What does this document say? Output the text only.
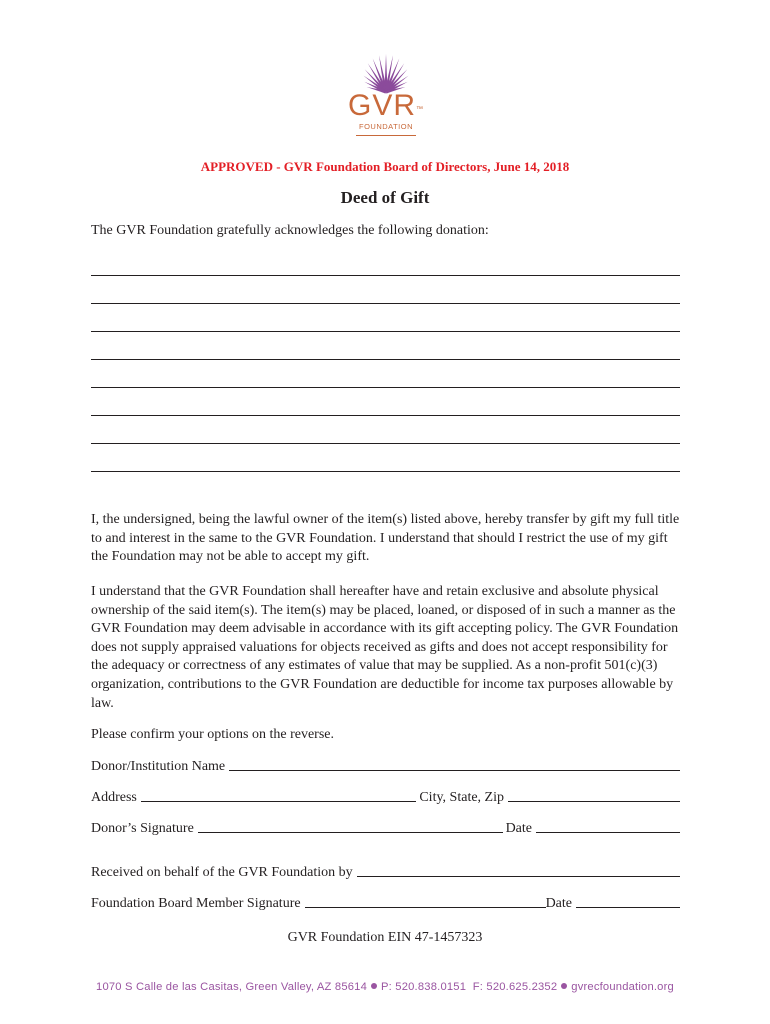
GVR™
FOUNDATION
APPROVED - GVR Foundation Board of Directors, June 14, 2018
Deed of Gift
The GVR Foundation gratefully acknowledges the following donation:
I, the undersigned, being the lawful owner of the item(s) listed above, hereby transfer by gift my full title to and interest in the same to the GVR Foundation. I understand that should I restrict the use of my gift the Foundation may not be able to accept my gift.
I understand that the GVR Foundation shall hereafter have and retain exclusive and absolute physical ownership of the said item(s). The item(s) may be placed, loaned, or disposed of in such a manner as the GVR Foundation may deem advisable in accordance with its gift accepting policy. The GVR Foundation does not supply appraised valuations for objects received as gifts and does not accept responsibility for the adequacy or correctness of any estimates of value that may be supplied. As a non-profit 501(c)(3) organization, contributions to the GVR Foundation are deductible for income tax purposes allowable by law.
Please confirm your options on the reverse.
Donor/Institution Name
Address	City, State, Zip
Donor’s Signature	Date
Received on behalf of the GVR Foundation by
Foundation Board Member Signature	Date
GVR Foundation EIN 47-1457323
1070 S Calle de las Casitas, Green Valley, AZ 85614 P: 520.838.0151 F: 520.625.2352 gvrecfoundation.org
